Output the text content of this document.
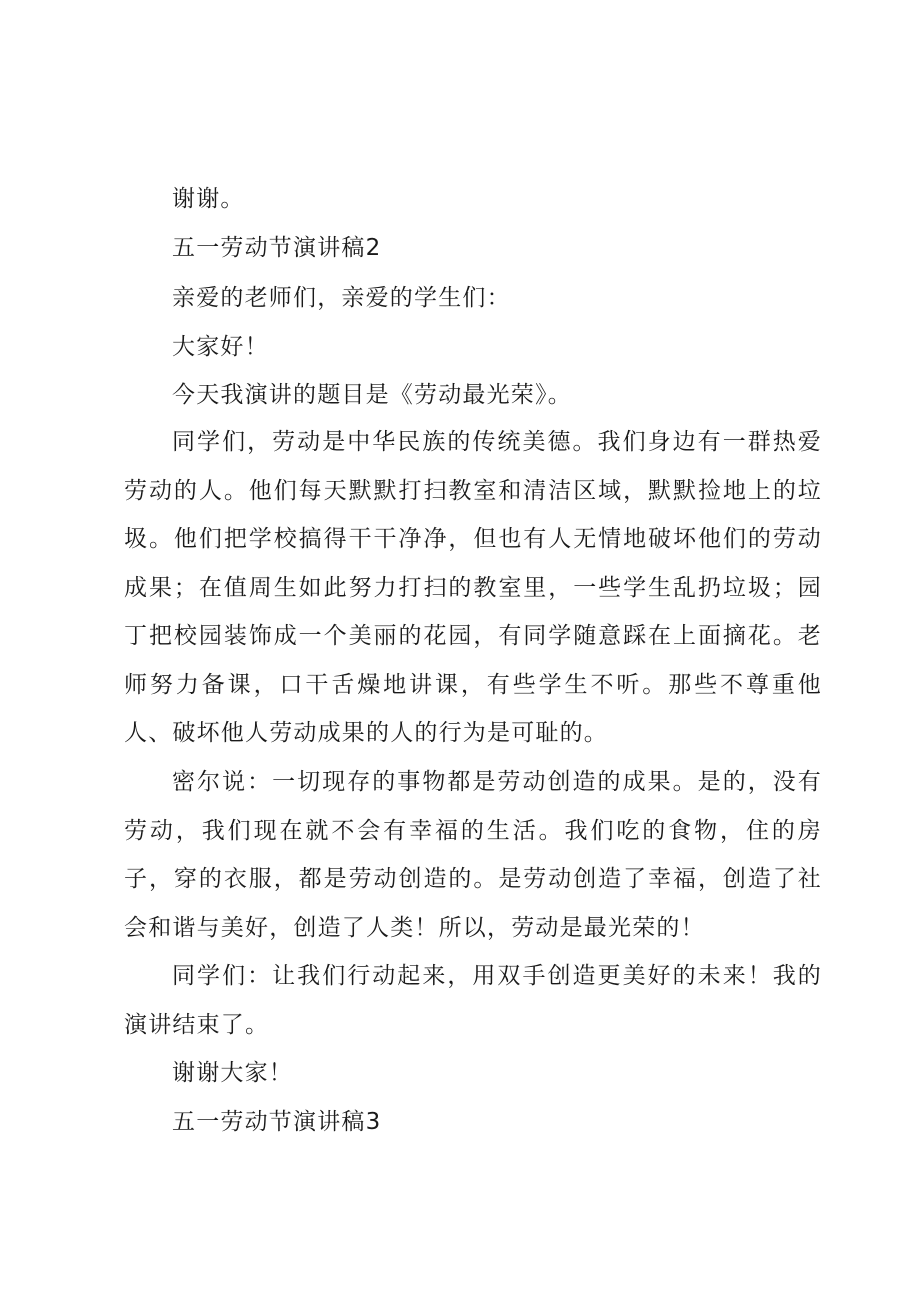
谢谢。
五一劳动节演讲稿2
亲爱的老师们，亲爱的学生们：
大家好！
今天我演讲的题目是《劳动最光荣》。
同学们，劳动是中华民族的传统美德。我们身边有一群热爱劳动的人。他们每天默默打扫教室和清洁区域，默默捡地上的垃圾。他们把学校搞得干干净净，但也有人无情地破坏他们的劳动成果；在值周生如此努力打扫的教室里，一些学生乱扔垃圾；园丁把校园装饰成一个美丽的花园，有同学随意踩在上面摘花。老师努力备课，口干舌燥地讲课，有些学生不听。那些不尊重他人、破坏他人劳动成果的人的行为是可耻的。
密尔说：一切现存的事物都是劳动创造的成果。是的，没有劳动，我们现在就不会有幸福的生活。我们吃的食物，住的房子，穿的衣服，都是劳动创造的。是劳动创造了幸福，创造了社会和谐与美好，创造了人类！所以，劳动是最光荣的！
同学们：让我们行动起来，用双手创造更美好的未来！我的演讲结束了。
谢谢大家！
五一劳动节演讲稿3
